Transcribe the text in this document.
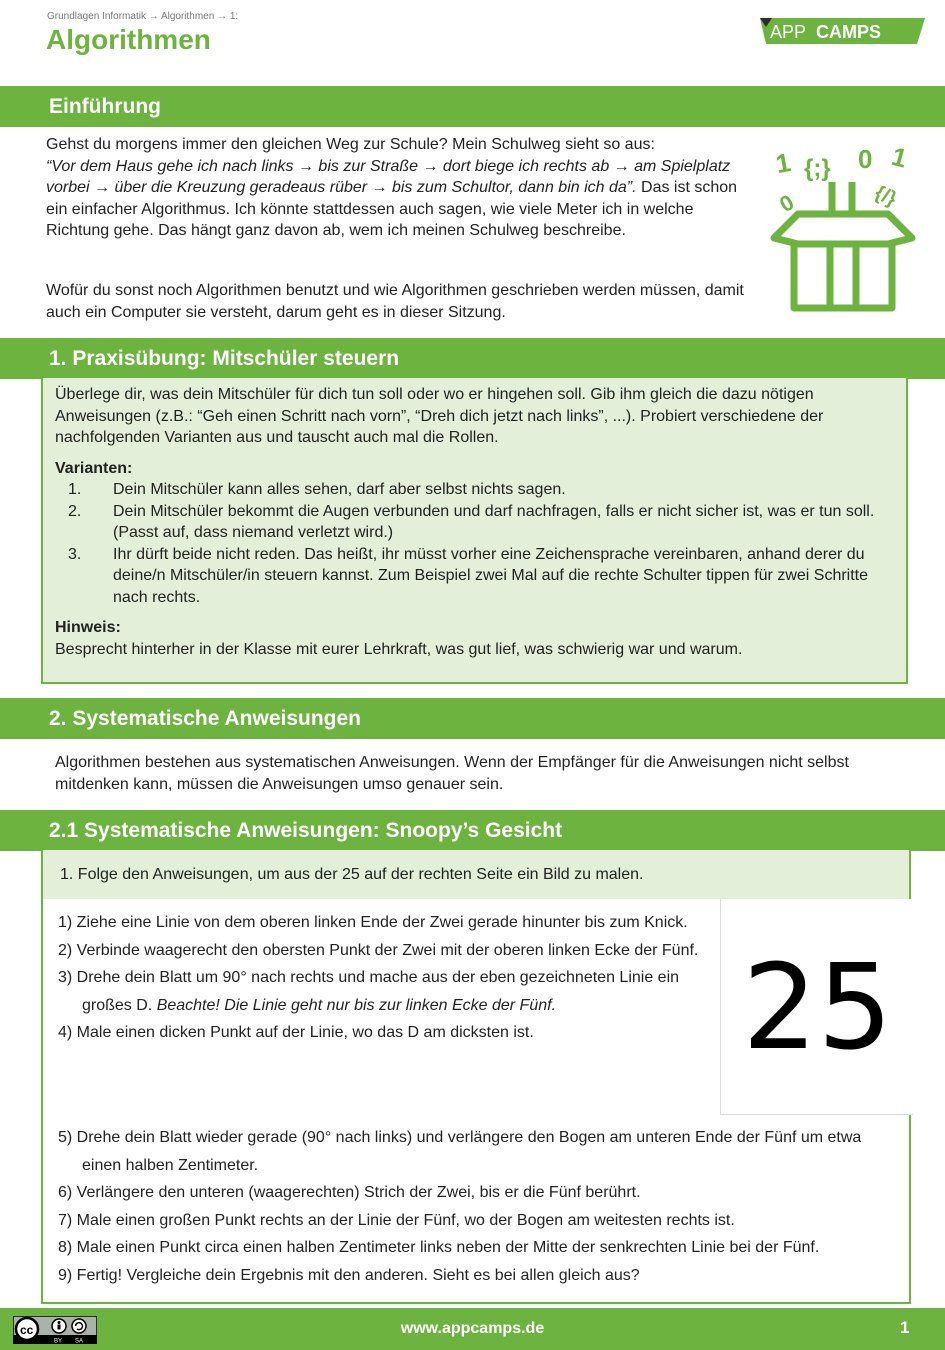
Grundlagen Informatik → Algorithmen → 1:
Algorithmen	APP CAMPS
Einführung
Gehst du morgens immer den gleichen Weg zur Schule? Mein Schulweg sieht so aus:
“Vor dem Haus gehe ich nach links → bis zur Straße → dort biege ich rechts ab → am Spielplatz vorbei → über die Kreuzung geradeaus rüber → bis zum Schultor, dann bin ich da”. Das ist schon ein einfacher Algorithmus. Ich könnte stattdessen auch sagen, wie viele Meter ich in welche Richtung gehe. Das hängt ganz davon ab, wem ich meinen Schulweg beschreibe.
Wofür du sonst noch Algorithmen benutzt und wie Algorithmen geschrieben werden müssen, damit auch ein Computer sie versteht, darum geht es in dieser Sitzung.
1 {;} 0 1
0	{/}
1. Praxisübung: Mitschüler steuern
Überlege dir, was dein Mitschüler für dich tun soll oder wo er hingehen soll. Gib ihm gleich die dazu nötigen Anweisungen (z.B.: “Geh einen Schritt nach vorn”, “Dreh dich jetzt nach links”, ...). Probiert verschiedene der nachfolgenden Varianten aus und tauscht auch mal die Rollen.
Varianten:
1. Dein Mitschüler kann alles sehen, darf aber selbst nichts sagen.
2. Dein Mitschüler bekommt die Augen verbunden und darf nachfragen, falls er nicht sicher ist, was er tun soll. (Passt auf, dass niemand verletzt wird.)
3. Ihr dürft beide nicht reden. Das heißt, ihr müsst vorher eine Zeichensprache vereinbaren, anhand derer du deine/n Mitschüler/in steuern kannst. Zum Beispiel zwei Mal auf die rechte Schulter tippen für zwei Schritte nach rechts.
Hinweis:
Besprecht hinterher in der Klasse mit eurer Lehrkraft, was gut lief, was schwierig war und warum.
2. Systematische Anweisungen
Algorithmen bestehen aus systematischen Anweisungen. Wenn der Empfänger für die Anweisungen nicht selbst mitdenken kann, müssen die Anweisungen umso genauer sein.
2.1 Systematische Anweisungen: Snoopy’s Gesicht
1. Folge den Anweisungen, um aus der 25 auf der rechten Seite ein Bild zu malen.
1) Ziehe eine Linie von dem oberen linken Ende der Zwei gerade hinunter bis zum Knick.
2) Verbinde waagerecht den obersten Punkt der Zwei mit der oberen linken Ecke der Fünf.
3) Drehe dein Blatt um 90° nach rechts und mache aus der eben gezeichneten Linie ein großes D. Beachte! Die Linie geht nur bis zur linken Ecke der Fünf.
4) Male einen dicken Punkt auf der Linie, wo das D am dicksten ist.	25
5) Drehe dein Blatt wieder gerade (90° nach links) und verlängere den Bogen am unteren Ende der Fünf um etwa einen halben Zentimeter.
6) Verlängere den unteren (waagerechten) Strich der Zwei, bis er die Fünf berührt.
7) Male einen großen Punkt rechts an der Linie der Fünf, wo der Bogen am weitesten rechts ist.
8) Male einen Punkt circa einen halben Zentimeter links neben der Mitte der senkrechten Linie bei der Fünf.
9) Fertig! Vergleiche dein Ergebnis mit den anderen. Sieht es bei allen gleich aus?
cc
BY SA
www.appcamps.de	1
